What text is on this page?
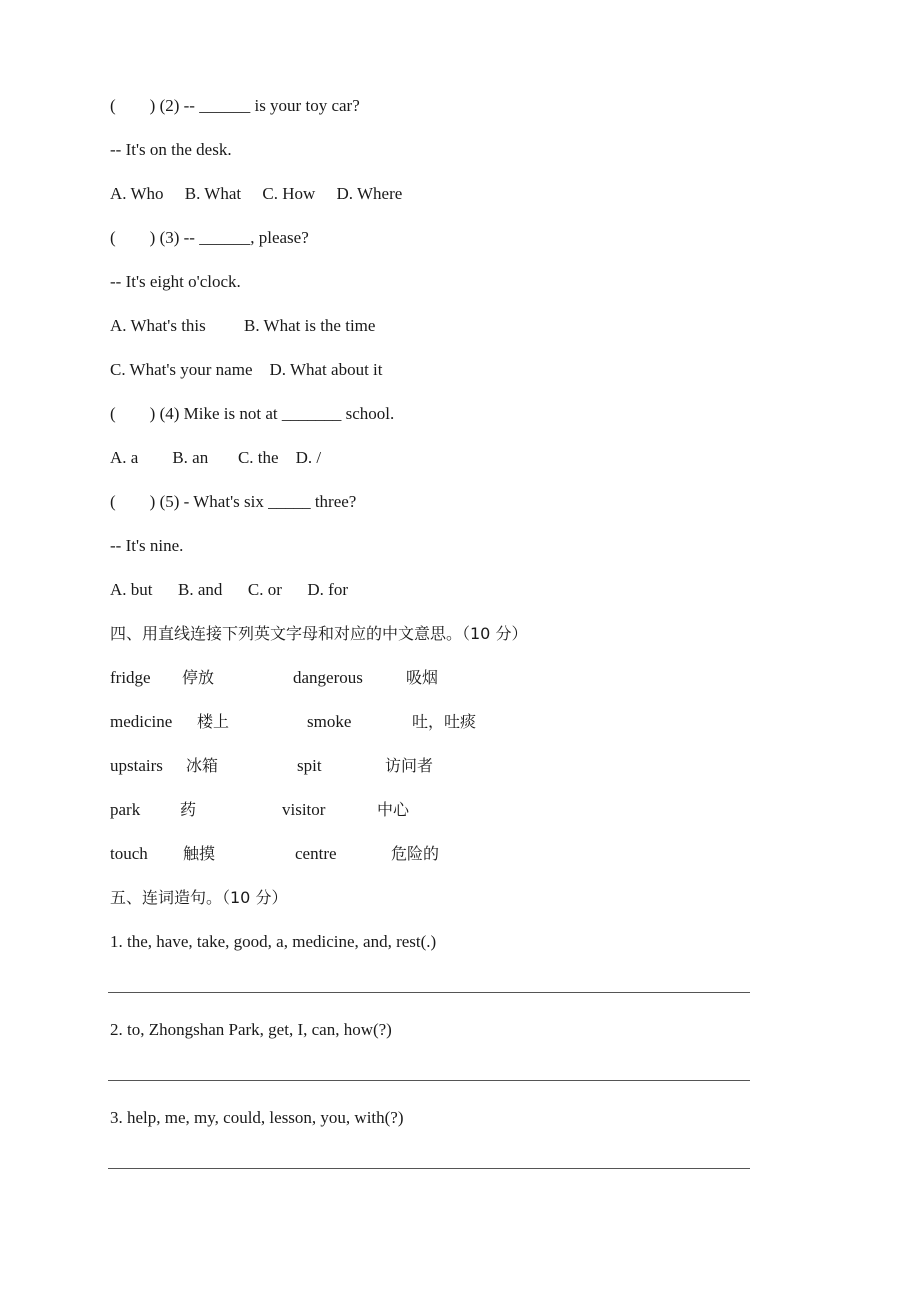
(        ) (2) -- ______ is your toy car?
-- It's on the desk.
A. Who     B. What     C. How     D. Where
(        ) (3) -- ______, please?
-- It's eight o'clock.
A. What's this         B. What is the time
C. What's your name    D. What about it
(        ) (4) Mike is not at _______ school.
A. a        B. an       C. the    D. /
(        ) (5) - What's six _____ three?
-- It's nine.
A. but      B. and      C. or      D. for
四、用直线连接下列英文字母和对应的中文意思。（10 分）
fridge 停放	dangerous	吸烟
medicine 楼上	smoke	吐，吐痰
upstairs 冰箱	spit	访问者
park 药	visitor	中心
touch 触摸	centre	危险的
五、连词造句。（10 分）
1. the, have, take, good, a, medicine, and, rest(.)
2. to, Zhongshan Park, get, I, can, how(?)
3. help, me, my, could, lesson, you, with(?)
